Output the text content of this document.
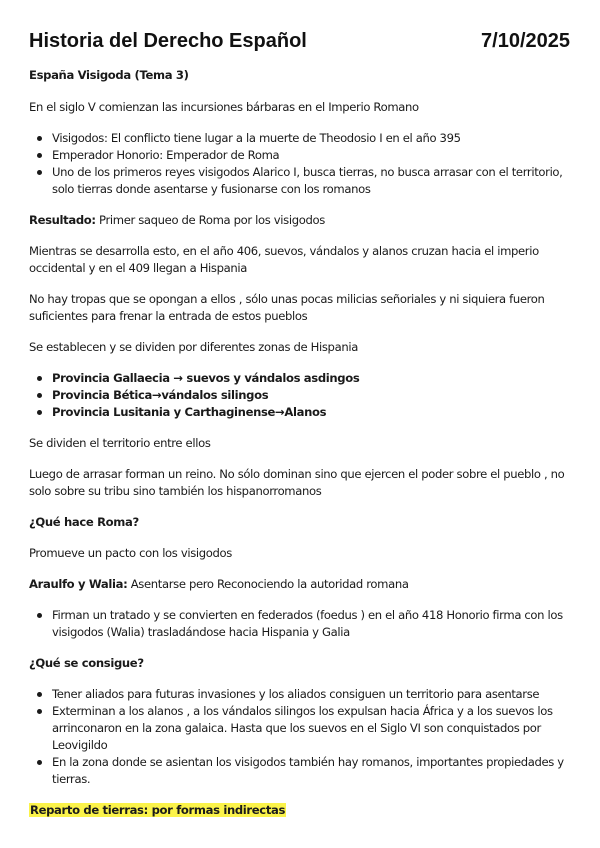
Historia del Derecho Español	7/10/2025

España Visigoda (Tema 3)

En el siglo V comienzan las incursiones bárbaras en el Imperio Romano

Visigodos: El conflicto tiene lugar a la muerte de Theodosio I en el año 395
Emperador Honorio: Emperador de Roma
Uno de los primeros reyes visigodos Alarico I, busca tierras, no busca arrasar con el territorio, solo tierras donde asentarse y fusionarse con los romanos

Resultado: Primer saqueo de Roma por los visigodos

Mientras se desarrolla esto, en el año 406, suevos, vándalos y alanos cruzan hacia el imperio occidental y en el 409 llegan a Hispania

No hay tropas que se opongan a ellos , sólo unas pocas milicias señoriales y ni siquiera fueron suficientes para frenar la entrada de estos pueblos

Se establecen y se dividen por diferentes zonas de Hispania

Provincia Gallaecia → suevos y vándalos asdingos
Provincia Bética→vándalos silingos
Provincia Lusitania y Carthaginense→Alanos

Se dividen el territorio entre ellos

Luego de arrasar forman un reino. No sólo dominan sino que ejercen el poder sobre el pueblo , no solo sobre su tribu sino también los hispanorromanos

¿Qué hace Roma?

Promueve un pacto con los visigodos

Araulfo y Walia: Asentarse pero Reconociendo la autoridad romana

Firman un tratado y se convierten en federados (foedus ) en el año 418 Honorio firma con los visigodos (Walia) trasladándose hacia Hispania y Galia

¿Qué se consigue?

Tener aliados para futuras invasiones y los aliados consiguen un territorio para asentarse
Exterminan a los alanos , a los vándalos silingos los expulsan hacia África y a los suevos los arrinconaron en la zona galaica. Hasta que los suevos en el Siglo VI son conquistados por Leovigildo
En la zona donde se asientan los visigodos también hay romanos, importantes propiedades y tierras.

Reparto de tierras: por formas indirectas
